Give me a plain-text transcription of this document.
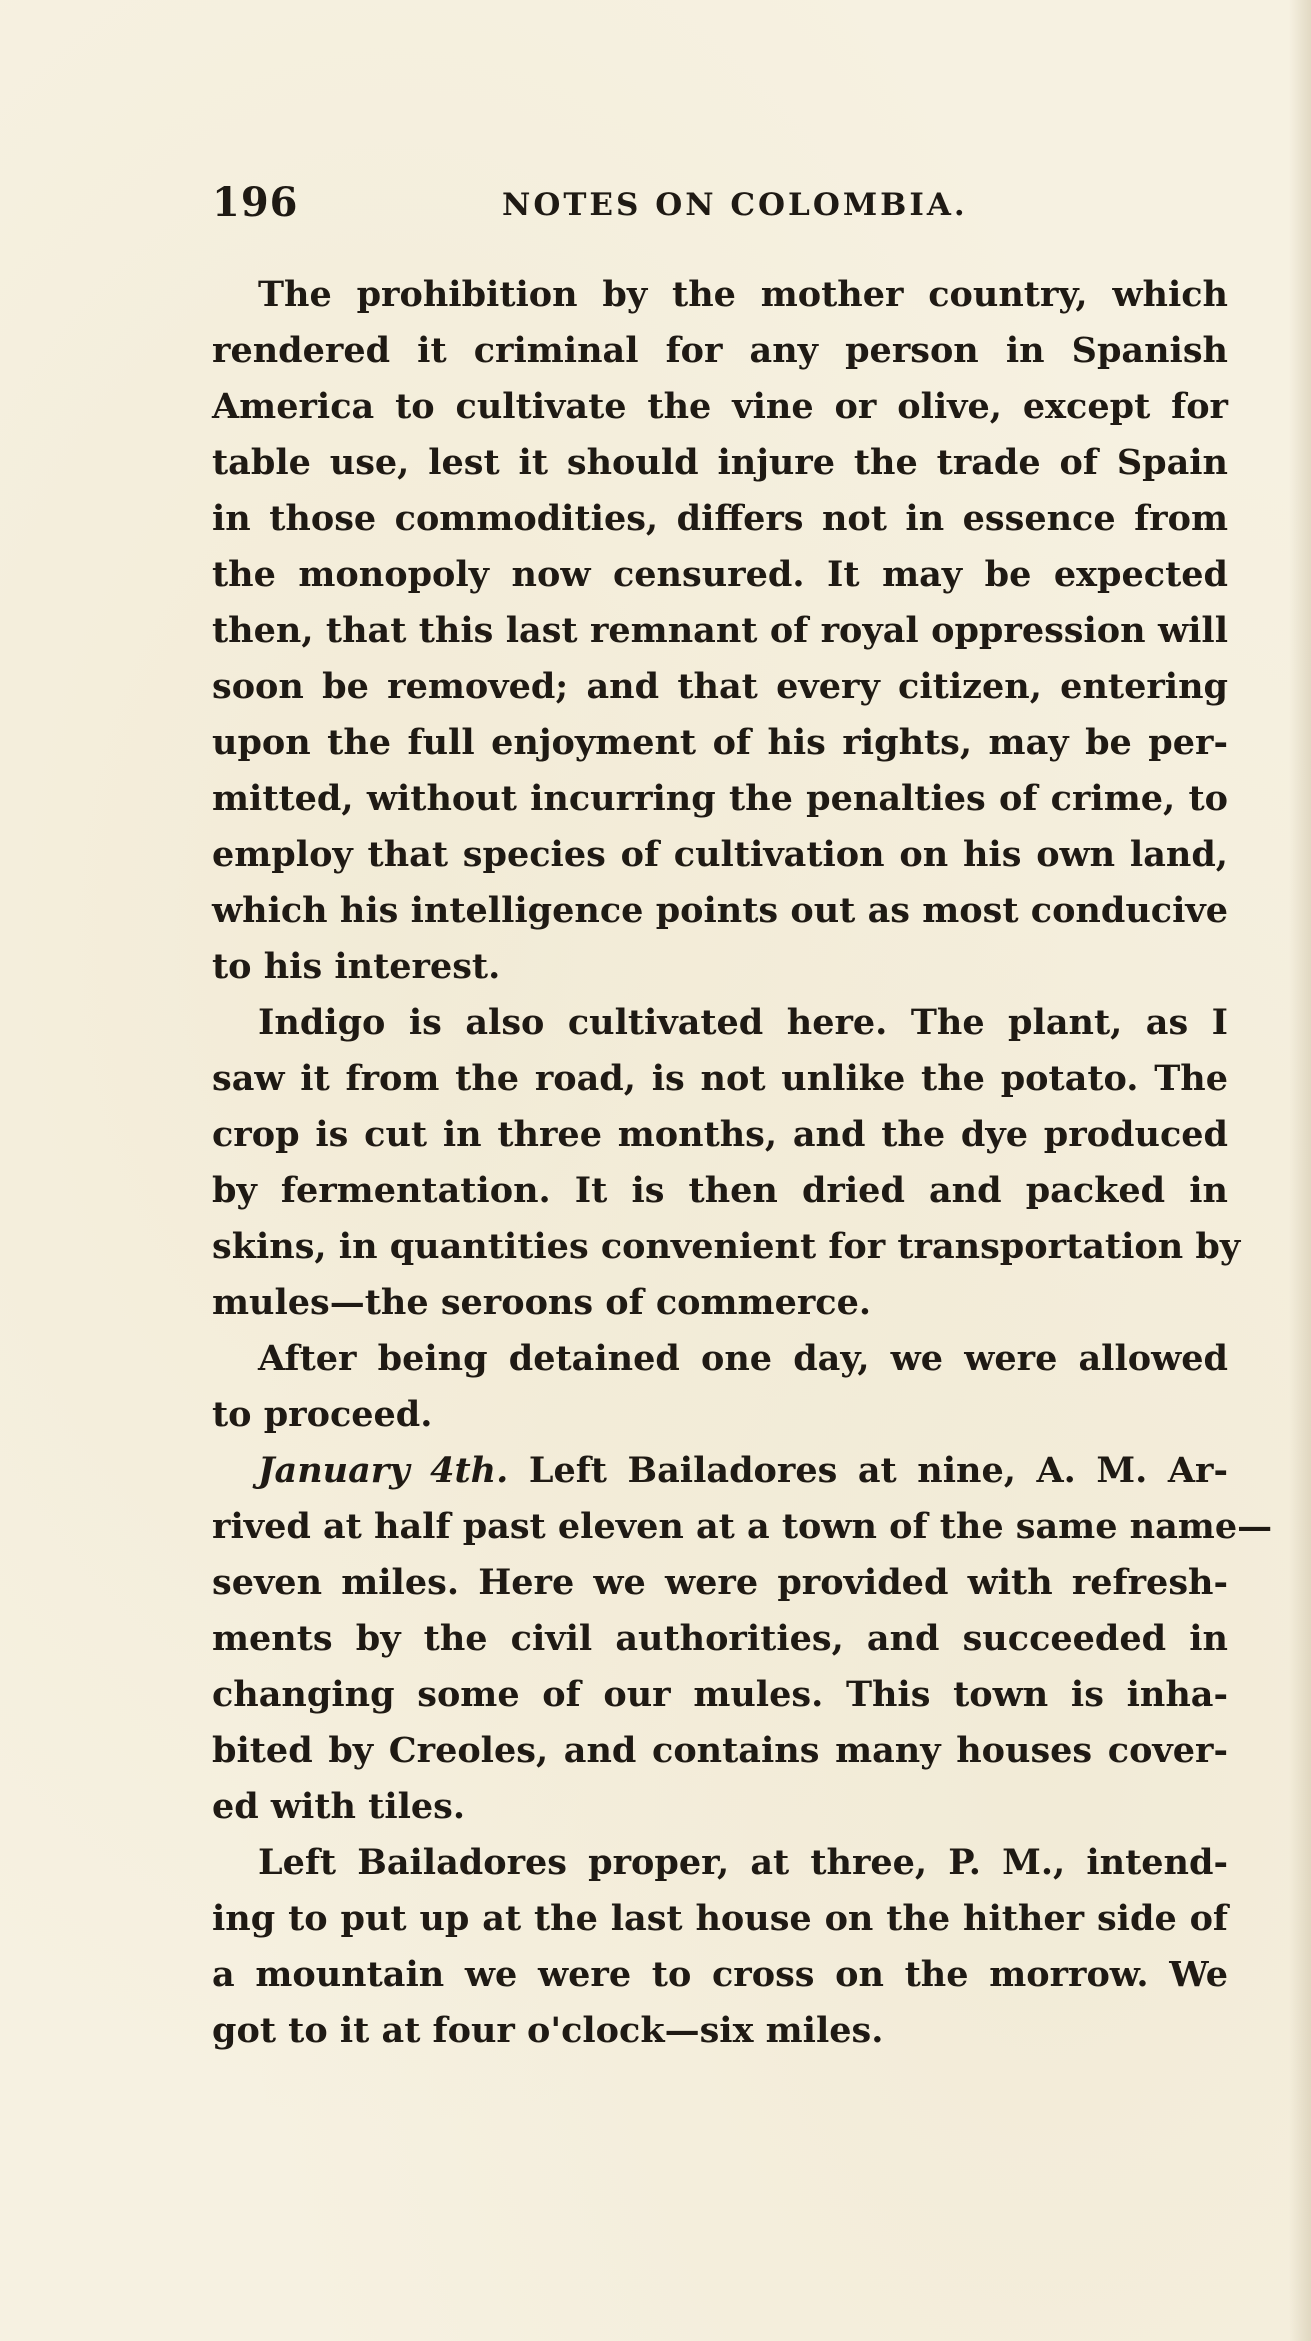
196	NOTES ON COLOMBIA.
The prohibition by the mother country, which
rendered it criminal for any person in Spanish
America to cultivate the vine or olive, except for
table use, lest it should injure the trade of Spain
in those commodities, differs not in essence from
the monopoly now censured. It may be expected
then, that this last remnant of royal oppression will
soon be removed; and that every citizen, entering
upon the full enjoyment of his rights, may be per-
mitted, without incurring the penalties of crime, to
employ that species of cultivation on his own land,
which his intelligence points out as most conducive
to his interest.
Indigo is also cultivated here. The plant, as I
saw it from the road, is not unlike the potato. The
crop is cut in three months, and the dye produced
by fermentation. It is then dried and packed in
skins, in quantities convenient for transportation by
mules—the seroons of commerce.
After being detained one day, we were allowed
to proceed.
January 4th. Left Bailadores at nine, A. M. Ar-
rived at half past eleven at a town of the same name—
seven miles. Here we were provided with refresh-
ments by the civil authorities, and succeeded in
changing some of our mules. This town is inha-
bited by Creoles, and contains many houses cover-
ed with tiles.
Left Bailadores proper, at three, P. M., intend-
ing to put up at the last house on the hither side of
a mountain we were to cross on the morrow. We
got to it at four o'clock—six miles.
